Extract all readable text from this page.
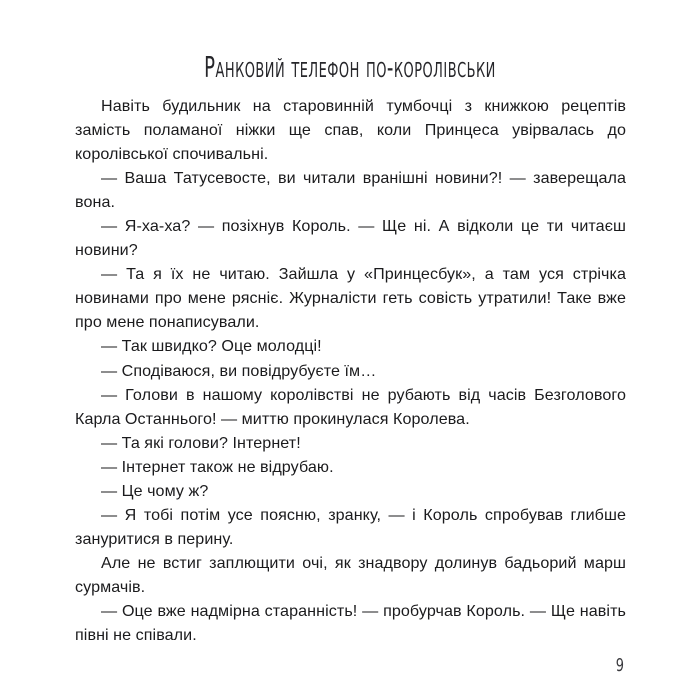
Ранковий телефон по-королівськи

Навіть будильник на старовинній тумбочці з книжкою рецептів замість поламаної ніжки ще спав, коли Принцеса увірвалась до королівської спочивальні.

— Ваша Татусевосте, ви читали вранішні новини?! — заверещала вона.

— Я-ха-ха? — позіхнув Король. — Ще ні. А відколи це ти читаєш новини?

— Та я їх не читаю. Зайшла у «Принцесбук», а там уся стрічка новинами про мене рясніє. Журналісти геть совість утратили! Таке вже про мене понаписували.

— Так швидко? Оце молодці!

— Сподіваюся, ви повідрубуєте їм…

— Голови в нашому королівстві не рубають від часів Безголового Карла Останнього! — миттю прокинулася Королева.

— Та які голови? Інтернет!

— Інтернет також не відрубаю.

— Це чому ж?

— Я тобі потім усе поясню, зранку, — і Король спробував глибше зануритися в перину.

Але не встиг заплющити очі, як знадвору долинув бадьорий марш сурмачів.

— Оце вже надмірна старанність! — пробурчав Король. — Ще навіть півні не співали.

9
